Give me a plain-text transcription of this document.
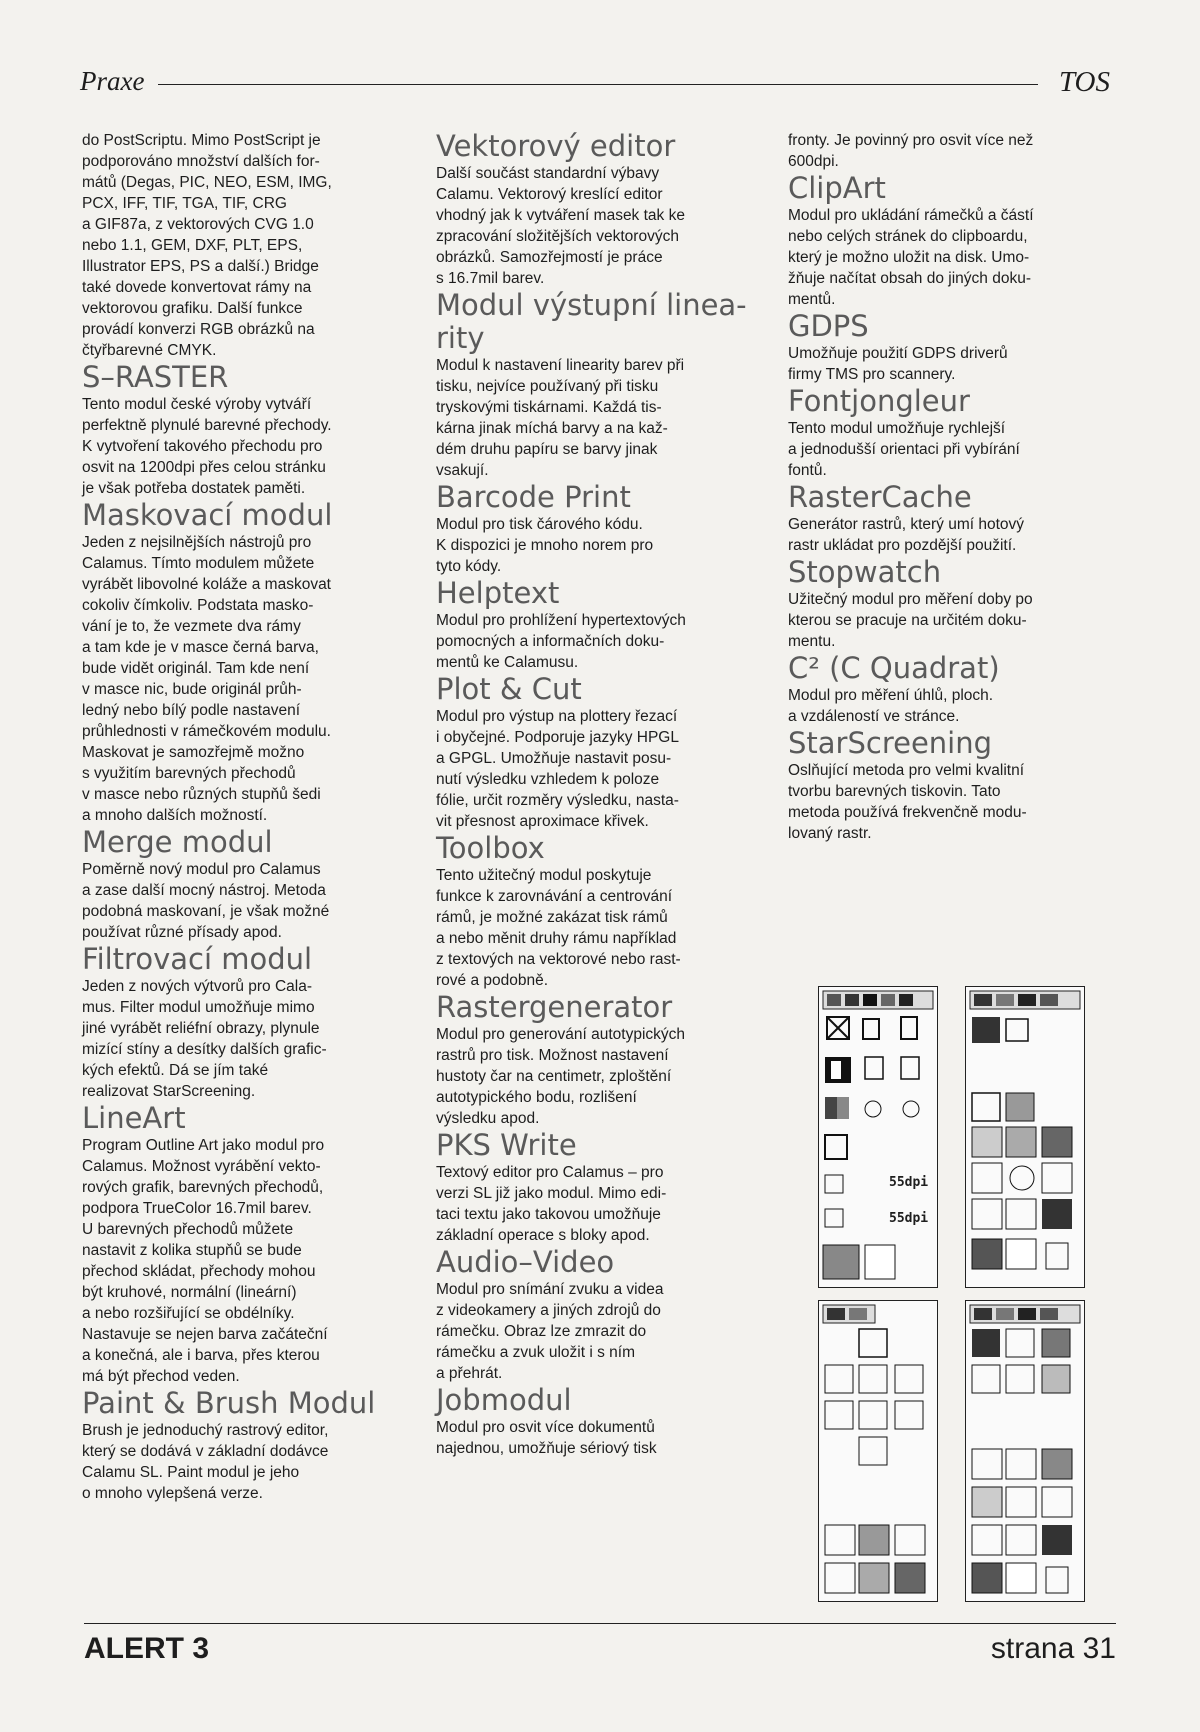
Praxe	TOS

do PostScriptu. Mimo PostScript je
podporováno množství dalších for-
mátů (Degas, PIC, NEO, ESM, IMG,
PCX, IFF, TIF, TGA, TIF, CRG
a GIF87a, z vektorových CVG 1.0
nebo 1.1, GEM, DXF, PLT, EPS,
Illustrator EPS, PS a další.) Bridge
také dovede konvertovat rámy na
vektorovou grafiku. Další funkce
provádí konverzi RGB obrázků na
čtyřbarevné CMYK.

S–RASTER

Tento modul české výroby vytváří
perfektně plynulé barevné přechody.
K vytvoření takového přechodu pro
osvit na 1200dpi přes celou stránku
je však potřeba dostatek paměti.

Maskovací modul

Jeden z nejsilnějších nástrojů pro
Calamus. Tímto modulem můžete
vyrábět libovolné koláže a maskovat
cokoliv čímkoliv. Podstata masko-
vání je to, že vezmete dva rámy
a tam kde je v masce černá barva,
bude vidět originál. Tam kde není
v masce nic, bude originál průh-
ledný nebo bílý podle nastavení
průhlednosti v rámečkovém modulu.
Maskovat je samozřejmě možno
s využitím barevných přechodů
v masce nebo různých stupňů šedi
a mnoho dalších možností.

Merge modul

Poměrně nový modul pro Calamus
a zase další mocný nástroj. Metoda
podobná maskovaní, je však možné
používat různé přísady apod.

Filtrovací modul

Jeden z nových výtvorů pro Cala-
mus. Filter modul umožňuje mimo
jiné vyrábět reliéfní obrazy, plynule
mizící stíny a desítky dalších grafic-
kých efektů. Dá se jím také
realizovat StarScreening.

LineArt

Program Outline Art jako modul pro
Calamus. Možnost vyrábění vekto-
rových grafik, barevných přechodů,
podpora TrueColor 16.7mil barev.
U barevných přechodů můžete
nastavit z kolika stupňů se bude
přechod skládat, přechody mohou
být kruhové, normální (lineární)
a nebo rozšiřující se obdélníky.
Nastavuje se nejen barva začáteční
a konečná, ale i barva, přes kterou
má být přechod veden.

Paint & Brush Modul

Brush je jednoduchý rastrový editor,
který se dodává v základní dodávce
Calamu SL. Paint modul je jeho
o mnoho vylepšená verze.

Vektorový editor

Další součást standardní výbavy
Calamu. Vektorový kreslící editor
vhodný jak k vytváření masek tak ke
zpracování složitějších vektorových
obrázků. Samozřejmostí je práce
s 16.7mil barev.

Modul výstupní linea-
rity

Modul k nastavení linearity barev při
tisku, nejvíce používaný při tisku
tryskovými tiskárnami. Každá tis-
kárna jinak míchá barvy a na kaž-
dém druhu papíru se barvy jinak
vsakují.

Barcode Print

Modul pro tisk čárového kódu.
K dispozici je mnoho norem pro
tyto kódy.

Helptext

Modul pro prohlížení hypertextových
pomocných a informačních doku-
mentů ke Calamusu.

Plot & Cut

Modul pro výstup na plottery řezací
i obyčejné. Podporuje jazyky HPGL
a GPGL. Umožňuje nastavit posu-
nutí výsledku vzhledem k poloze
fólie, určit rozměry výsledku, nasta-
vit přesnost aproximace křivek.

Toolbox

Tento užitečný modul poskytuje
funkce k zarovnávání a centrování
rámů, je možné zakázat tisk rámů
a nebo měnit druhy rámu například
z textových na vektorové nebo rast-
rové a podobně.

Rastergenerator

Modul pro generování autotypických
rastrů pro tisk. Možnost nastavení
hustoty čar na centimetr, zploštění
autotypického bodu, rozlišení
výsledku apod.

PKS Write

Textový editor pro Calamus – pro
verzi SL již jako modul. Mimo edi-
taci textu jako takovou umožňuje
základní operace s bloky apod.

Audio–Video

Modul pro snímání zvuku a videa
z videokamery a jiných zdrojů do
rámečku. Obraz lze zmrazit do
rámečku a zvuk uložit i s ním
a přehrát.

Jobmodul

Modul pro osvit více dokumentů
najednou, umožňuje sériový tisk

fronty. Je povinný pro osvit více než
600dpi.

ClipArt

Modul pro ukládání rámečků a částí
nebo celých stránek do clipboardu,
který je možno uložit na disk. Umo-
žňuje načítat obsah do jiných doku-
mentů.

GDPS

Umožňuje použití GDPS driverů
firmy TMS pro scannery.

Fontjongleur

Tento modul umožňuje rychlejší
a jednodušší orientaci při vybírání
fontů.

RasterCache

Generátor rastrů, který umí hotový
rastr ukládat pro pozdější použití.

Stopwatch

Užitečný modul pro měření doby po
kterou se pracuje na určitém doku-
mentu.

C² (C Quadrat)

Modul pro měření úhlů, ploch.
a vzdáleností ve stránce.

StarScreening

Oslňující metoda pro velmi kvalitní
tvorbu barevných tiskovin. Tato
metoda používá frekvenčně modu-
lovaný rastr.

55dpi
55dpi
ALERT 3	strana 31
